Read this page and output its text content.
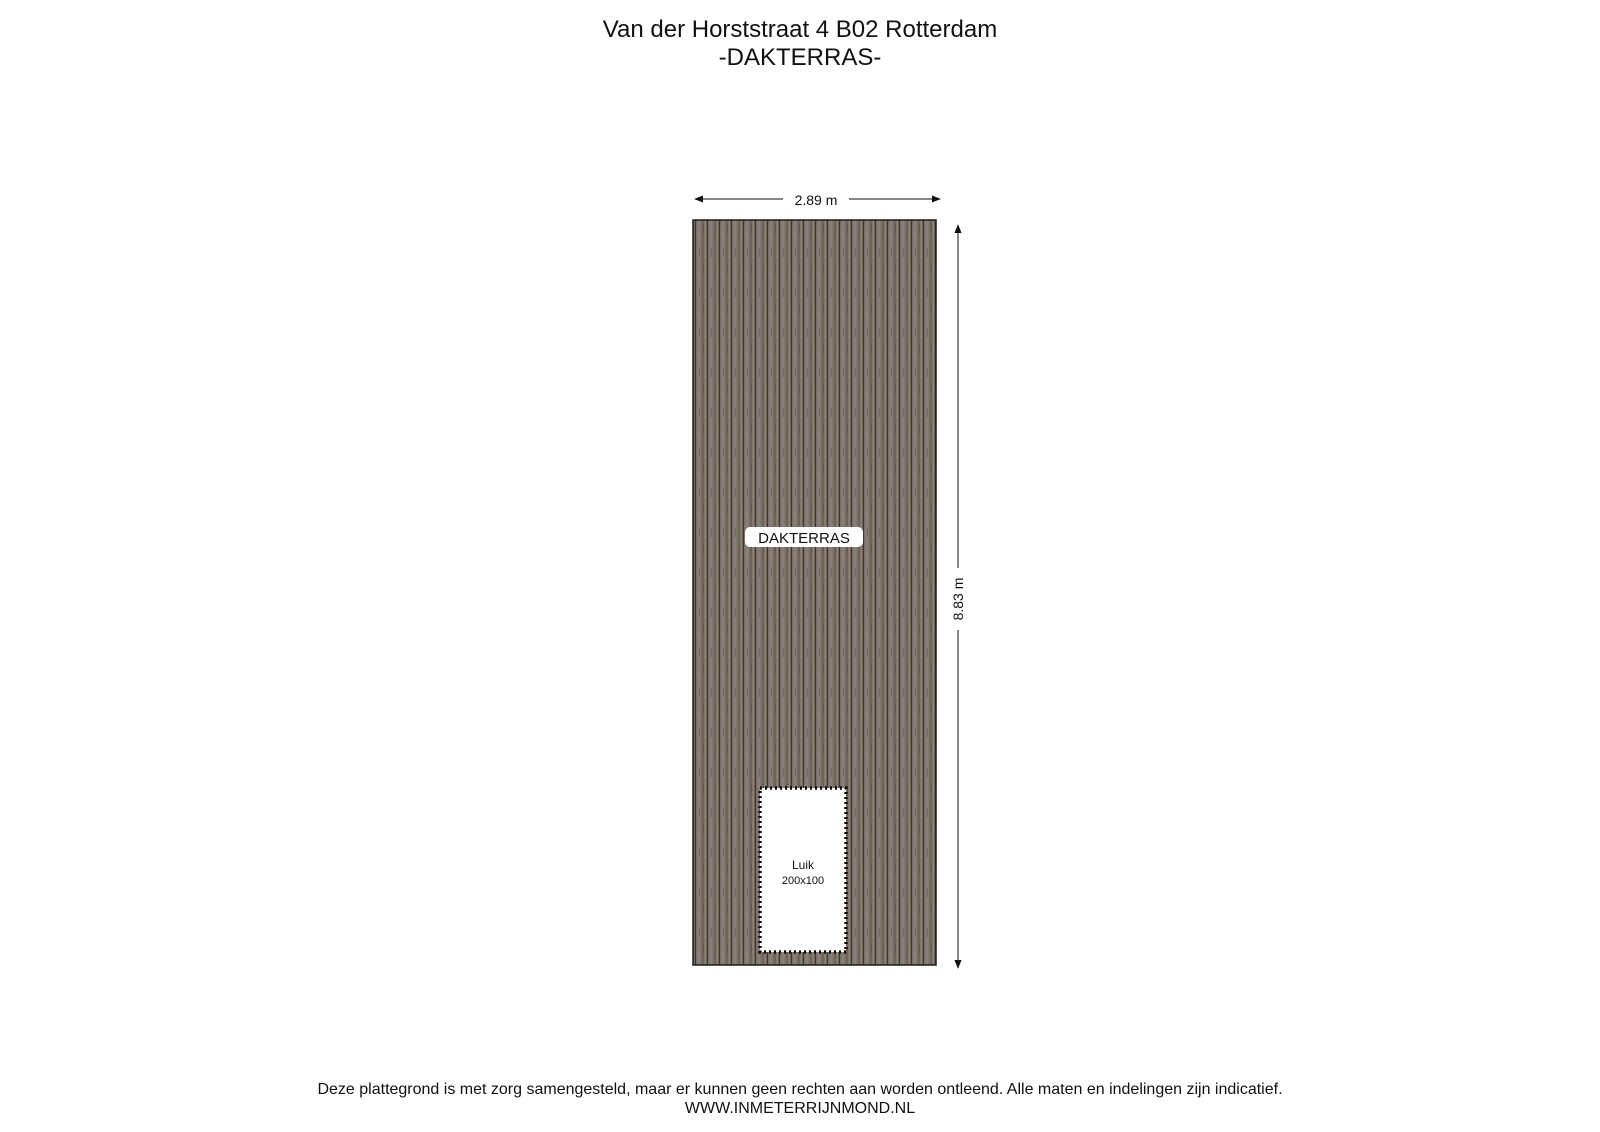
Van der Horststraat 4 B02 Rotterdam
-DAKTERRAS-
Luik
200x100
DAKTERRAS
2.89 m
8.83 m
Deze plattegrond is met zorg samengesteld, maar er kunnen geen rechten aan worden ontleend. Alle maten en indelingen zijn indicatief.
WWW.INMETERRIJNMOND.NL
